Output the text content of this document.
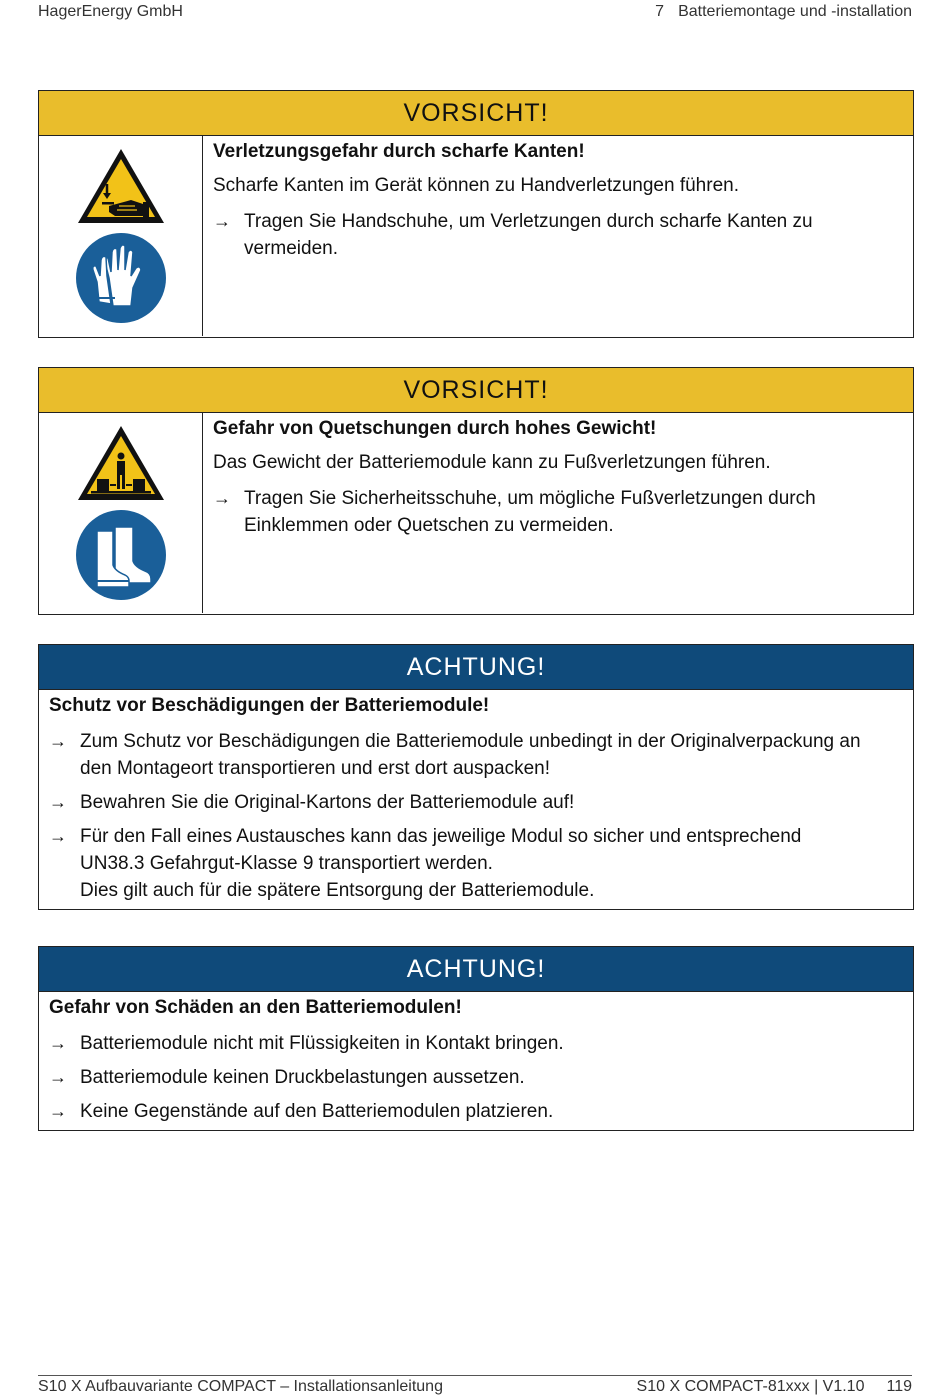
HagerEnergy GmbH	7 Batteriemontage und -installation
VORSICHT!
Verletzungsgefahr durch scharfe Kanten!
Scharfe Kanten im Gerät können zu Handverletzungen führen.
→ Tragen Sie Handschuhe, um Verletzungen durch scharfe Kanten zu
vermeiden.
VORSICHT!
Gefahr von Quetschungen durch hohes Gewicht!
Das Gewicht der Batteriemodule kann zu Fußverletzungen führen.
→ Tragen Sie Sicherheitsschuhe, um mögliche Fußverletzungen durch
Einklemmen oder Quetschen zu vermeiden.
ACHTUNG!
Schutz vor Beschädigungen der Batteriemodule!
→ Zum Schutz vor Beschädigungen die Batteriemodule unbedingt in der Originalverpackung an
den Montageort transportieren und erst dort auspacken!
→ Bewahren Sie die Original-Kartons der Batteriemodule auf!
→ Für den Fall eines Austausches kann das jeweilige Modul so sicher und entsprechend
UN38.3 Gefahrgut-Klasse 9 transportiert werden.
Dies gilt auch für die spätere Entsorgung der Batteriemodule.
ACHTUNG!
Gefahr von Schäden an den Batteriemodulen!
→ Batteriemodule nicht mit Flüssigkeiten in Kontakt bringen.
→ Batteriemodule keinen Druckbelastungen aussetzen.
→ Keine Gegenstände auf den Batteriemodulen platzieren.
S10 X Aufbauvariante COMPACT – Installationsanleitung	S10 X COMPACT-81xxx | V1.10 119
